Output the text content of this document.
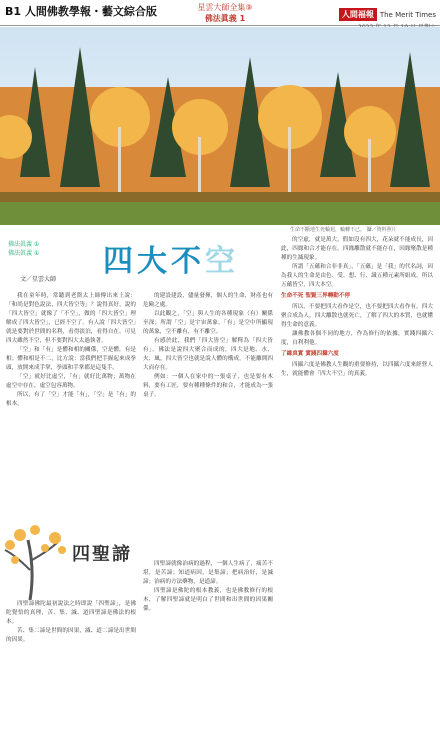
B1 人間佛教學報・藝文綜合版	星雲大師全集⑨
佛法眞義 1	人間福報 The Merit Times
生命不斷地生死輪迴，輪轉不已。 攝／資料照片
佛法眞義 ①
佛法眞義 ①
文／星雲大師
四大不空

我在童年時，常聽到老盤太上師傳出來上說：「和尚是對色說法，四大皆空等」？說得真好，說的「四大皆空」就像了「不空」，做的「四大皆空」理解成了四大皆空」，已經不空了。有人說「四大皆空」就是要對於世間的名利，看得淡泊，看得自在。可見四大雖然不空，但不要對四大太過執著。

「空」和「有」是體和相的關係，空是體，有是相；體和相是不二，比方說：當我們把手握起來成拳頭，放開來成手掌，拳頭和手掌都是這隻手。

「空」就好比虛空，「有」就好比萬物；萬物在虛空中存在，虛空包容萬物。

所以，有了「空」才能「有」，「空」是「有」的根本。

的建設建設，儘量發揮，個人的生命，財產也有危險之處。

以此觀之，「空」與人生的各種現象（有）關係至深；所謂「空」是宇宙萬象，「有」是空中所顯現的萬象，空不離有，有不離空。

有感於此，我們「四大皆空」解釋為「四大皆有」。佛法是說四大聚合而成的，四大是地、水、火、風，四大皆空也就是說人體的構成，不能離開四大而存在。

例如：一個人在家中的一張桌子，也是要有木料，要有工匠，要有種種條件的和合，才能成為一張桌子。

的空虛，就是萬大，假如沒有四大，花朵就不能成長，因此，四緣和合才能存在。四緣離散就不能存在，因緣聚散是種種的生滅現象。

所謂「五蘊和合非非真」，「五蘊」是「我」的代名詞，因為我人的生命是由色、受、想、行、識五種元素所組成，所以五蘊皆空，四大本空。

生命不死 聖賢三界轉動不停

所以，不要把四大看作是空，也不要把四大看作有，四大聚合成為人，四大離散也就死亡，了解了四大的本質，也就懂得生命的意義。

讓佛教各個不同的地方，作為修行的依據，實踐四攝六度，自利利他。

了緣真實 實踐四攝六度

四攝六度是佛教人生觀的重要修持，以四攝六度來經營人生，就能體會「四大不空」的真義。

四聖諦

四聖諦佛陀最初說法之時即說「四聖諦」，是佛陀覺悟的真理，苦、集、滅、道四聖諦是佛法的根本。

苦、集二諦是世間的因果，滅、道二諦是出世間的因果。

四聖諦就像治病的過程，一個人生病了，痛苦不堪，是苦諦；知道病因，是集諦；把病治好，是滅諦；治病的方法藥物，是道諦。

四聖諦是佛陀的根本教義，也是佛教修行的根本，了解四聖諦就是明白了世間和出世間的因果關係。
